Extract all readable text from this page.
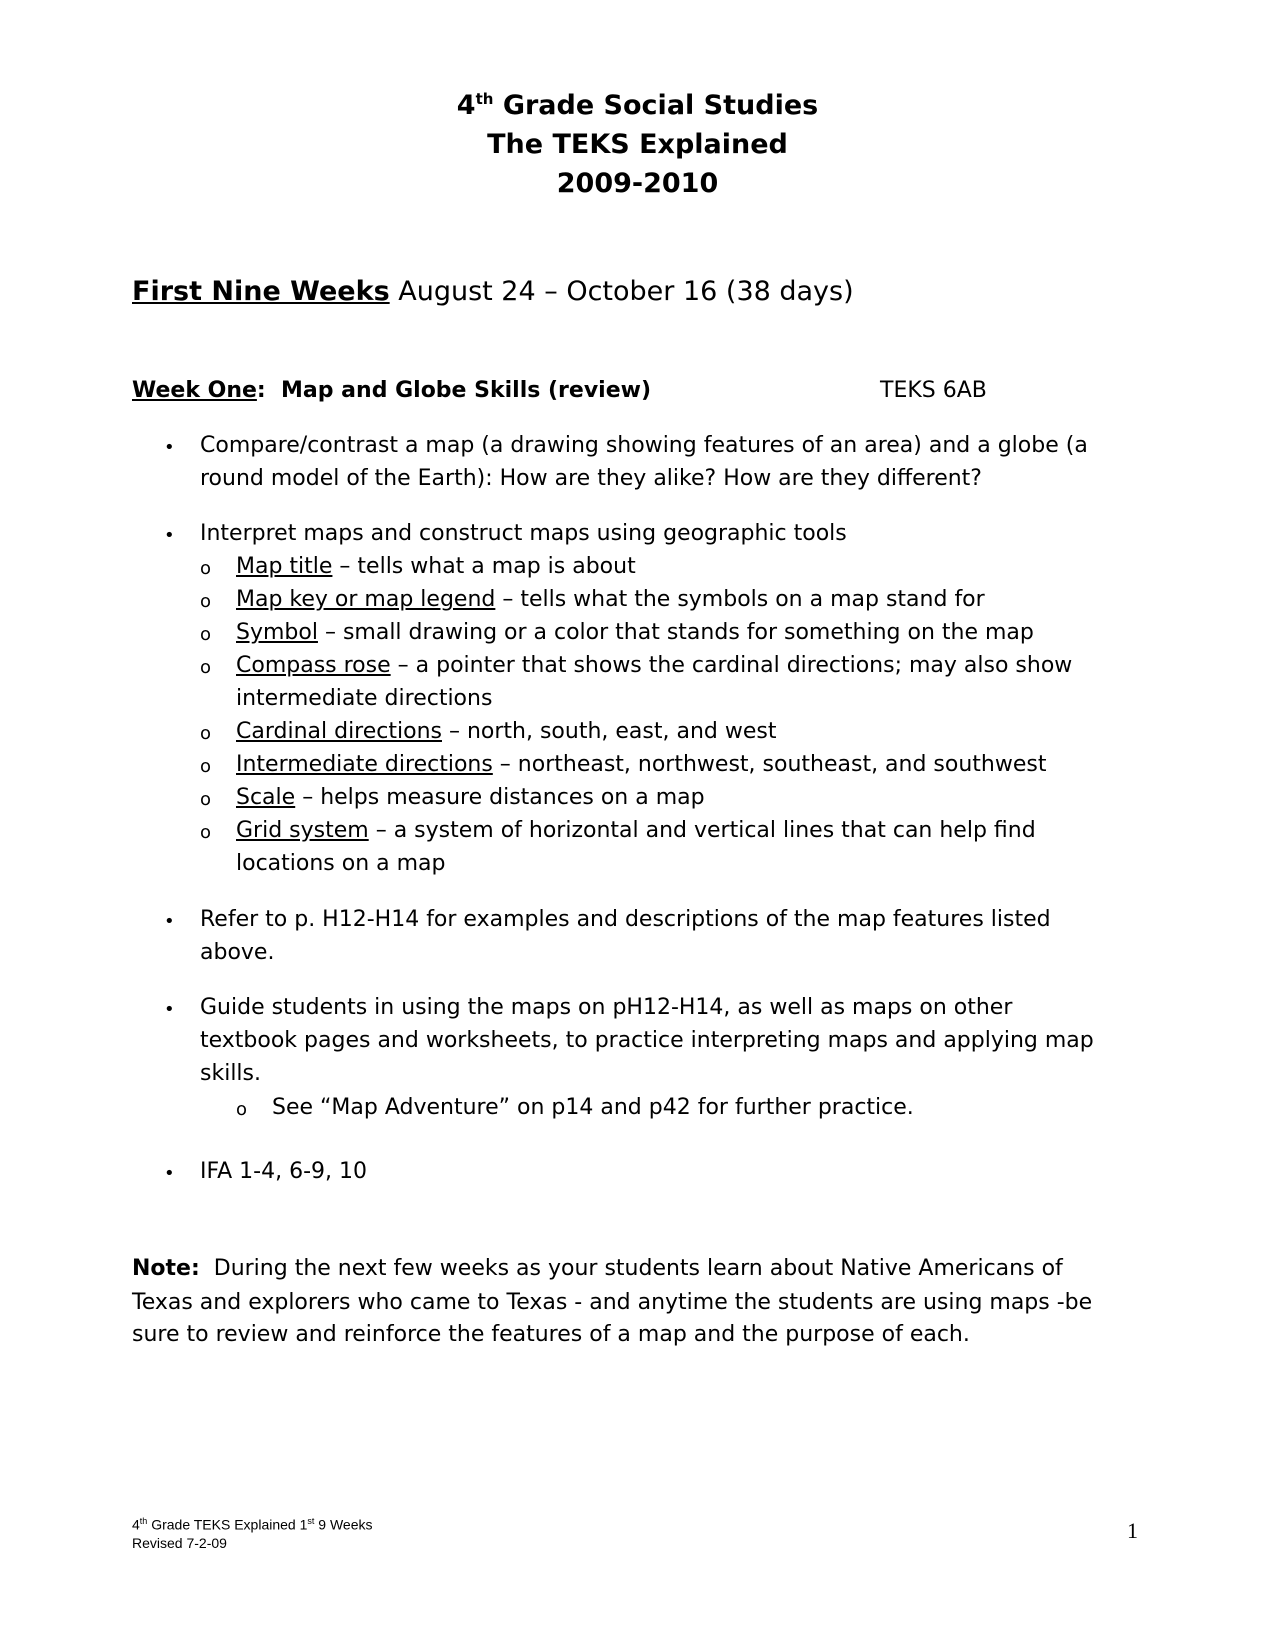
4th Grade Social Studies
The TEKS Explained
2009-2010
First Nine Weeks August 24 – October 16 (38 days)
Week One:  Map and Globe Skills (review)	TEKS 6AB
• Compare/contrast a map (a drawing showing features of an area) and a globe (a
round model of the Earth): How are they alike? How are they different?
• Interpret maps and construct maps using geographic tools
o Map title – tells what a map is about
o Map key or map legend – tells what the symbols on a map stand for
o Symbol – small drawing or a color that stands for something on the map
o Compass rose – a pointer that shows the cardinal directions; may also show
intermediate directions
o Cardinal directions – north, south, east, and west
o Intermediate directions – northeast, northwest, southeast, and southwest
o Scale – helps measure distances on a map
o Grid system – a system of horizontal and vertical lines that can help find
locations on a map
• Refer to p. H12-H14 for examples and descriptions of the map features listed
above.
• Guide students in using the maps on pH12-H14, as well as maps on other
textbook pages and worksheets, to practice interpreting maps and applying map
skills.
o See “Map Adventure” on p14 and p42 for further practice.
• IFA 1-4, 6-9, 10
Note:  During the next few weeks as your students learn about Native Americans of
Texas and explorers who came to Texas - and anytime the students are using maps -be
sure to review and reinforce the features of a map and the purpose of each.
4th Grade TEKS Explained 1st 9 Weeks
Revised 7-2-09	1
